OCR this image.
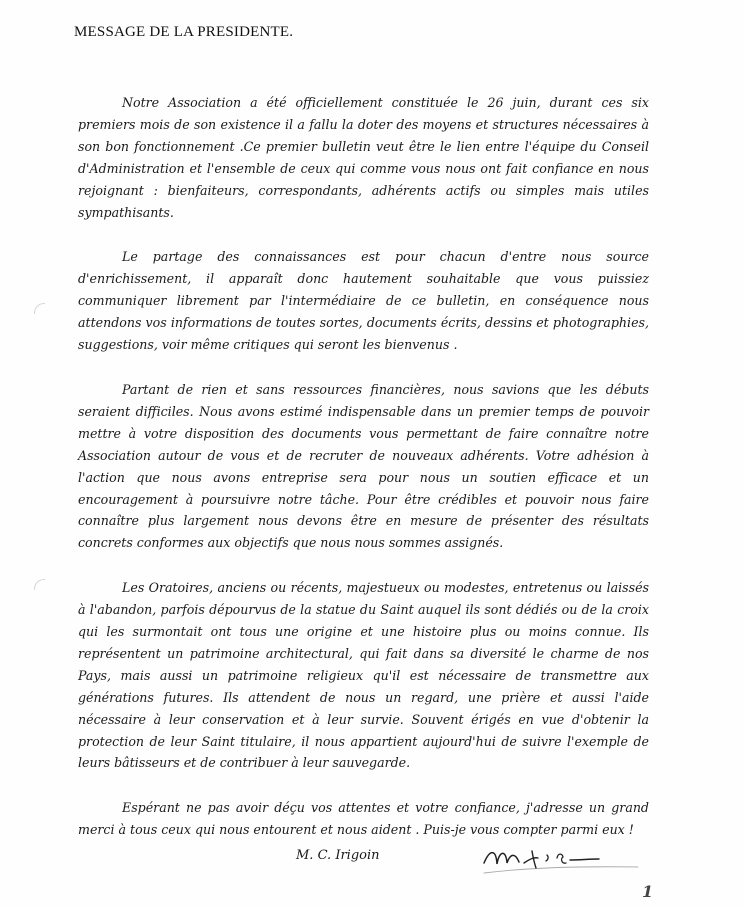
MESSAGE DE LA PRESIDENTE.

Notre Association a été officiellement constituée le 26 juin, durant ces six premiers mois de son existence il a fallu la doter des moyens et structures nécessaires à son bon fonctionnement .Ce premier bulletin veut être le lien entre l'équipe du Conseil d'Administration et l'ensemble de ceux qui comme vous nous ont fait confiance en nous rejoignant : bienfaiteurs, correspondants, adhérents actifs ou simples mais utiles sympathisants.

Le partage des connaissances est pour chacun d'entre nous source d'enrichissement, il apparaît donc hautement souhaitable que vous puissiez communiquer librement par l'intermédiaire de ce bulletin, en conséquence nous attendons vos informations de toutes sortes, documents écrits, dessins et photographies, suggestions, voir même critiques qui seront les bienvenus .

Partant de rien et sans ressources financières, nous savions que les débuts seraient difficiles. Nous avons estimé indispensable dans un premier temps de pouvoir mettre à votre disposition des documents vous permettant de faire connaître notre Association autour de vous et de recruter de nouveaux adhérents. Votre adhésion à l'action que nous avons entreprise sera pour nous un soutien efficace et un encouragement à poursuivre notre tâche. Pour être crédibles et pouvoir nous faire connaître plus largement nous devons être en mesure de présenter des résultats concrets conformes aux objectifs que nous nous sommes assignés.

Les Oratoires, anciens ou récents, majestueux ou modestes, entretenus ou laissés à l'abandon, parfois dépourvus de la statue du Saint auquel ils sont dédiés ou de la croix qui les surmontait ont tous une origine et une histoire plus ou moins connue. Ils représentent un patrimoine architectural, qui fait dans sa diversité le charme de nos Pays, mais aussi un patrimoine religieux qu'il est nécessaire de transmettre aux générations futures. Ils attendent de nous un regard, une prière et aussi l'aide nécessaire à leur conservation et à leur survie. Souvent érigés en vue d'obtenir la protection de leur Saint titulaire, il nous appartient aujourd'hui de suivre l'exemple de leurs bâtisseurs et de contribuer à leur sauvegarde.

Espérant ne pas avoir déçu vos attentes et votre confiance, j'adresse un grand merci à tous ceux qui nous entourent et nous aident . Puis-je vous compter parmi eux !

M. C. Irigoin
1
